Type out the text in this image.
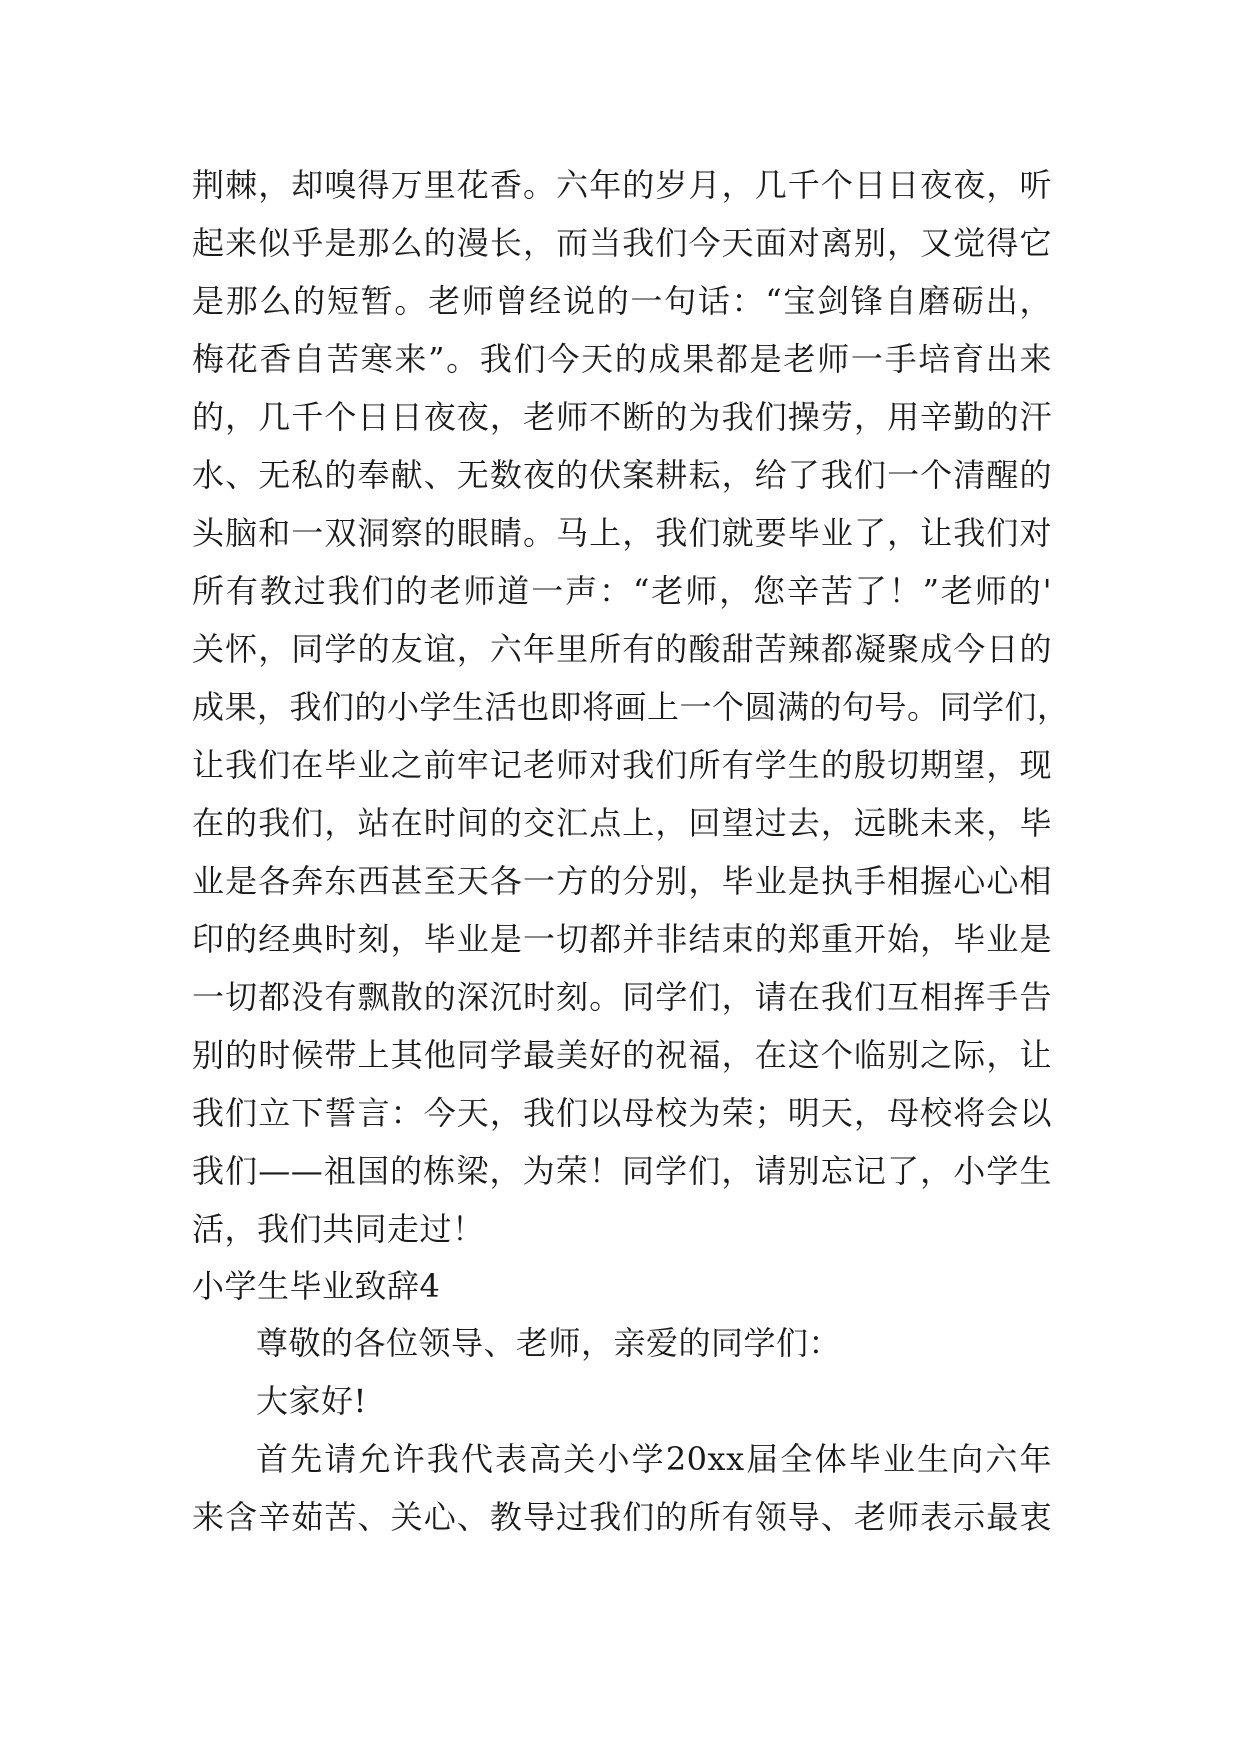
荆棘，却嗅得万里花香。六年的岁月，几千个日日夜夜，听
起来似乎是那么的漫长，而当我们今天面对离别，又觉得它
是那么的短暂。老师曾经说的一句话：“宝剑锋自磨砺出，
梅花香自苦寒来”。我们今天的成果都是老师一手培育出来
的，几千个日日夜夜，老师不断的为我们操劳，用辛勤的汗
水、无私的奉献、无数夜的伏案耕耘，给了我们一个清醒的
头脑和一双洞察的眼睛。马上，我们就要毕业了，让我们对
所有教过我们的老师道一声：“老师，您辛苦了！”老师的'
关怀，同学的友谊，六年里所有的酸甜苦辣都凝聚成今日的
成果，我们的小学生活也即将画上一个圆满的句号。同学们，
让我们在毕业之前牢记老师对我们所有学生的殷切期望，现
在的我们，站在时间的交汇点上，回望过去，远眺未来，毕
业是各奔东西甚至天各一方的分别，毕业是执手相握心心相
印的经典时刻，毕业是一切都并非结束的郑重开始，毕业是
一切都没有飘散的深沉时刻。同学们，请在我们互相挥手告
别的时候带上其他同学最美好的祝福，在这个临别之际，让
我们立下誓言：今天，我们以母校为荣；明天，母校将会以
我们——祖国的栋梁，为荣！同学们，请别忘记了，小学生
活，我们共同走过！
小学生毕业致辞4
尊敬的各位领导、老师，亲爱的同学们：
大家好!
首先请允许我代表高关小学20xx届全体毕业生向六年
来含辛茹苦、关心、教导过我们的所有领导、老师表示最衷
